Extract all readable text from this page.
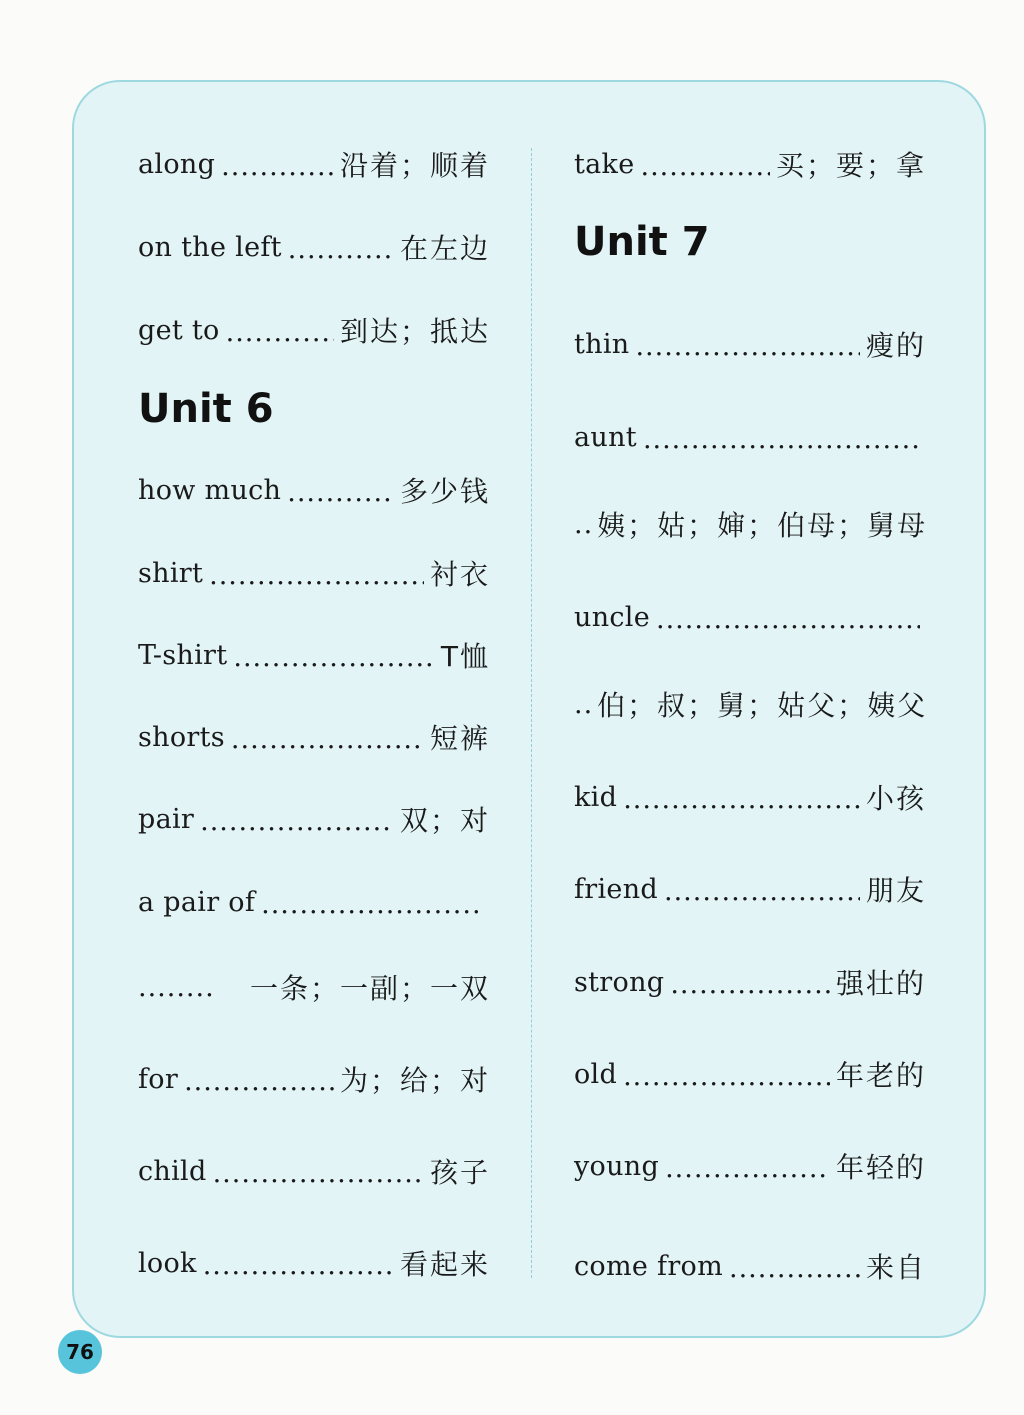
along .....	沿着；顺着
on the left .....	在左边
get to .....	到达；抵达
Unit 6
how much .....	多少钱
shirt .....	衬衣
T-shirt .....	T恤
shorts .....	短裤
pair .....	双；对
a pair of
.....
........	一条；一副；一双
for .....	为；给；对
child .....	孩子
look .....	看起来
take .....	买；要；拿
Unit 7
thin .....	瘦的
aunt
.....
.. 姨；姑；婶；伯母；舅母
uncle
.....
.. 伯；叔；舅；姑父；姨父
kid .....	小孩
friend .....	朋友
strong .....	强壮的
old .....	年老的
young .....	年轻的
come from .....	来自
76
